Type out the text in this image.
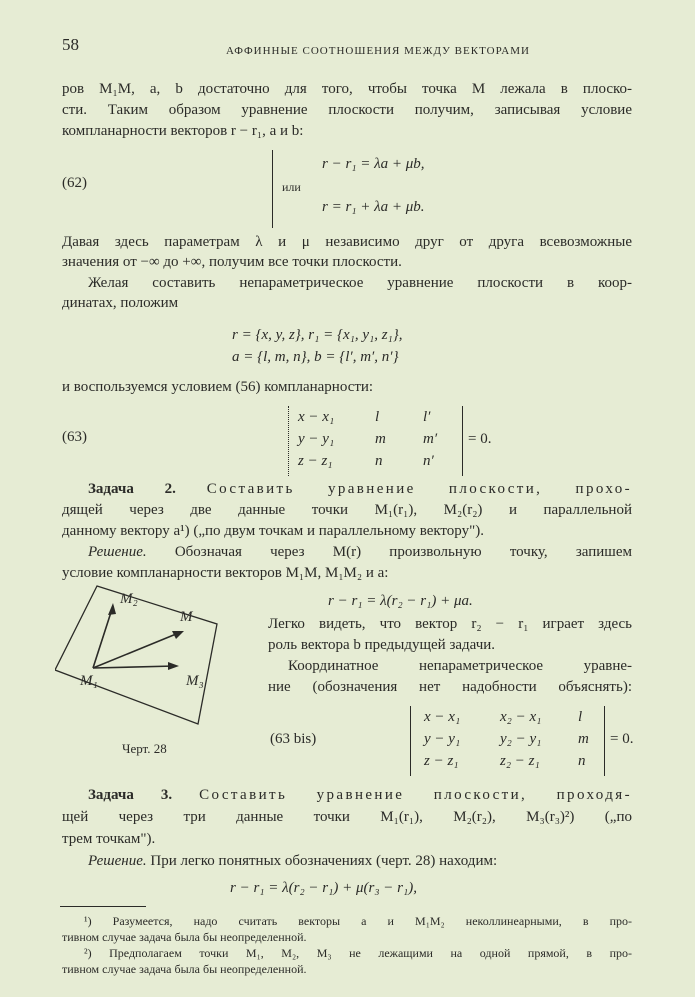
58	АФФИННЫЕ СООТНОШЕНИЯ МЕЖДУ ВЕКТОРАМИ
ров M₁M, a, b достаточно для того, чтобы точка M лежала в плоско-
сти. Таким образом уравнение плоскости получим, записывая условие
компланарности векторов r − r₁, a и b:
(62)
r − r₁ = λa + μb,
или
r = r₁ + λa + μb.
Давая здесь параметрам λ и μ независимо друг от друга всевозможные
значения от −∞ до +∞, получим все точки плоскости.
Желая составить непараметрическое уравнение плоскости в коор-
динатах, положим
r = {x, y, z}, r₁ = {x₁, y₁, z₁},
a = {l, m, n}, b = {l′, m′, n′}
и воспользуемся условием (56) компланарности:
(63)
x − x₁	l	l′
y − y₁	m m′
z − z₁	n	n′
= 0.
Задача 2. Составить уравнение плоскости, прохо-
дящей через две данные точки M₁(r₁), M₂(r₂) и параллельной
данному вектору a¹) („по двум точкам и параллельному вектору").
Решение. Обозначая через M(r) произвольную точку, запишем
условие компланарности векторов M₁M, M₁M₂ и a:
M₁
M₂
M₃
M
Черт. 28
r − r₁ = λ(r₂ − r₁) + μa.
Легко видеть, что вектор r₂ − r₁ играет здесь
роль вектора b предыдущей задачи.
Координатное непараметрическое уравне-
ние (обозначения нет надобности объяснять):
(63 bis)
x − x₁	x₂ − x₁ l
y − y₁	y₂ − y₁ m
z − z₁	z₂ − z₁	n
= 0.
Задача 3. Составить уравнение плоскости, проходя-
щей через три данные точки M₁(r₁), M₂(r₂), M₃(r₃)²) („по
трем точкам").
Решение. При легко понятных обозначениях (черт. 28) находим:
r − r₁ = λ(r₂ − r₁) + μ(r₃ − r₁),
¹) Разумеется, надо считать векторы a и M₁M₂ неколлинеарными, в про-
тивном случае задача была бы неопределенной.
²) Предполагаем точки M₁, M₂, M₃ не лежащими на одной прямой, в про-
тивном случае задача была бы неопределенной.
